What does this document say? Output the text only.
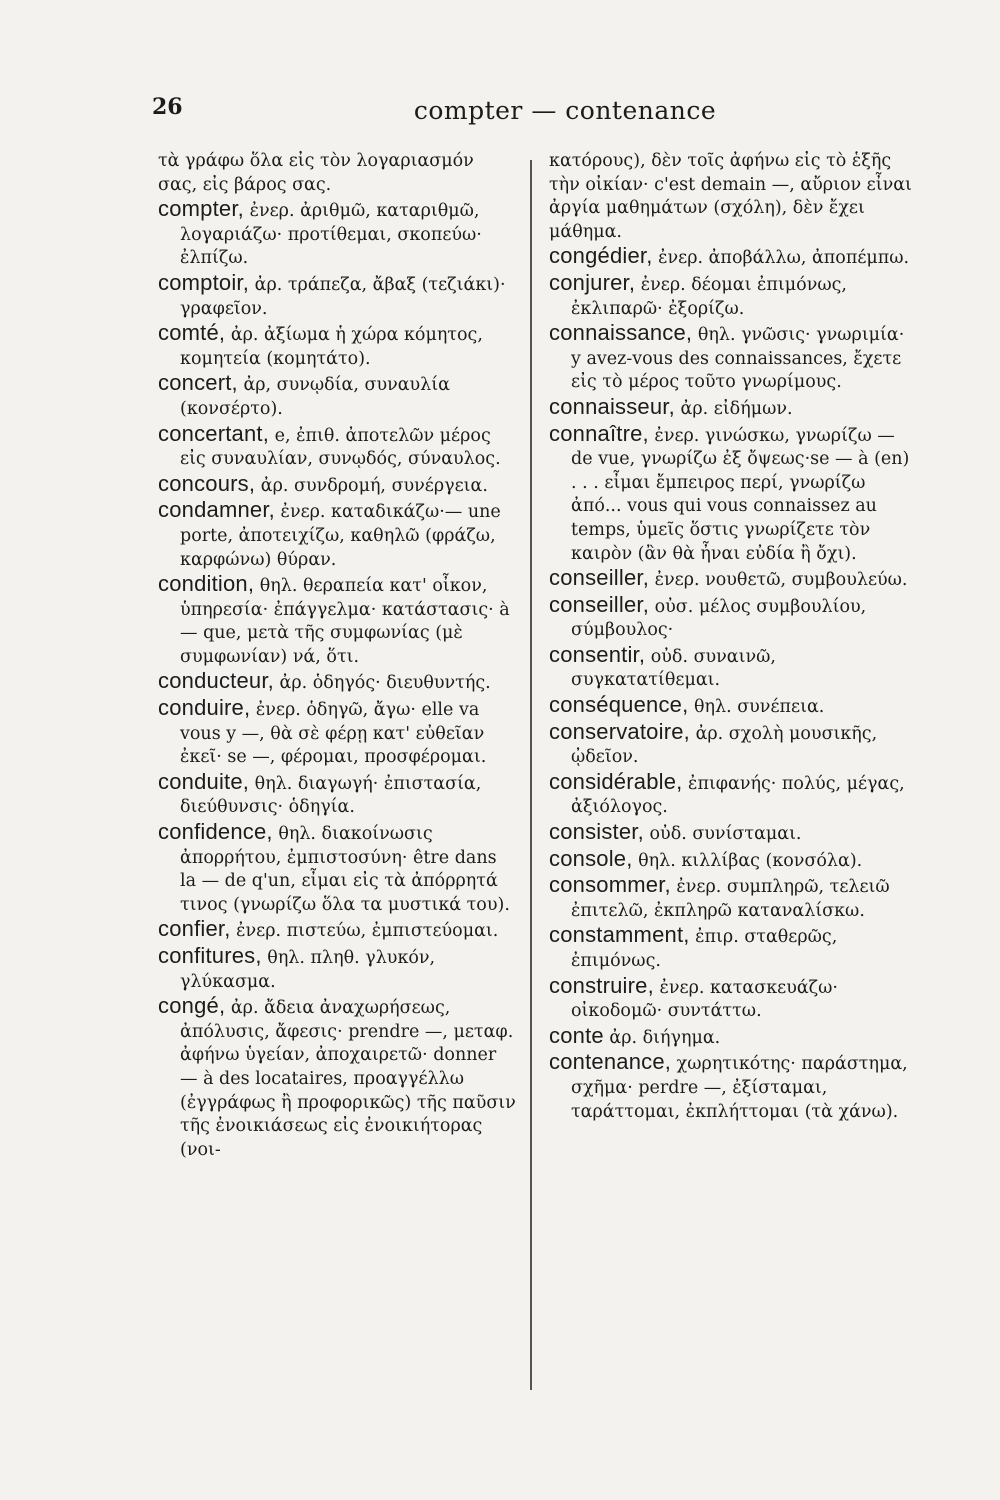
26	compter — contenance
τὰ γράφω ὅλα εἰς τὸν λογαριασμόν σας, εἰς βάρος σας.
compter, ἐνερ. ἀριθμῶ, καταριθμῶ, λογαριάζω· προτίθεμαι, σκοπεύω· ἐλπίζω.
comptoir, ἀρ. τράπεζα, ἄβαξ (τεζιάκι)· γραφεῖον.
comté, ἀρ. ἀξίωμα ἡ χώρα κόμητος, κομητεία (κομητάτο).
concert, ἀρ, συνῳδία, συναυλία (κονσέρτο).
concertant, e, ἐπιθ. ἀποτελῶν μέρος εἰς συναυλίαν, συνῳδός, σύναυλος.
concours, ἀρ. συνδρομή, συνέργεια.
condamner, ἐνερ. καταδικάζω·— une porte, ἀποτειχίζω, καθηλῶ (φράζω, καρφώνω) θύραν.
condition, θηλ. θεραπεία κατ' οἶκον, ὑπηρεσία· ἐπάγγελμα· κατάστασις· à — que, μετὰ τῆς συμφωνίας (μὲ συμφωνίαν) νά, ὅτι.
conducteur, ἀρ. ὁδηγός· διευθυντής.
conduire, ἐνερ. ὁδηγῶ, ἄγω· elle va vous y —, θὰ σὲ φέρῃ κατ' εὐθεῖαν ἐκεῖ· se —, φέρομαι, προσφέρομαι.
conduite, θηλ. διαγωγή· ἐπιστασία, διεύθυνσις· ὁδηγία.
confidence, θηλ. διακοίνωσις ἀπορρήτου, ἐμπιστοσύνη· être dans la — de q'un, εἶμαι εἰς τὰ ἀπόρρητά τινος (γνωρίζω ὅλα τα μυστικά του).
confier, ἐνερ. πιστεύω, ἐμπιστεύομαι.
confitures, θηλ. πληθ. γλυκόν, γλύκασμα.
congé, ἀρ. ἄδεια ἀναχωρήσεως, ἀπόλυσις, ἄφεσις· prendre —, μεταφ. ἀφήνω ὑγείαν, ἀποχαιρετῶ· donner — à des locataires, προαγγέλλω (ἐγγράφως ἢ προφορικῶς) τῆς παῦσιν τῆς ἐνοικιάσεως εἰς ἐνοικιήτορας (νοι-
κατόρους), δὲν τοῖς ἀφήνω εἰς τὸ ἑξῆς τὴν οἰκίαν· c'est demain —, αὔριον εἶναι ἀργία μαθημάτων (σχόλη), δὲν ἔχει μάθημα.
congédier, ἐνερ. ἀποβάλλω, ἀποπέμπω.
conjurer, ἐνερ. δέομαι ἐπιμόνως, ἐκλιπαρῶ· ἐξορίζω.
connaissance, θηλ. γνῶσις· γνωριμία· y avez-vous des connaissances, ἔχετε εἰς τὸ μέρος τοῦτο γνωρίμους.
connaisseur, ἀρ. εἰδήμων.
connaître, ἐνερ. γινώσκω, γνωρίζω — de vue, γνωρίζω ἐξ ὄψεως·se — à (en) . . . εἶμαι ἔμπειρος περί, γνωρίζω ἀπό... vous qui vous connaissez au temps, ὑμεῖς ὅστις γνωρίζετε τὸν καιρὸν (ἂν θὰ ἦναι εὐδία ἢ ὄχι).
conseiller, ἐνερ. νουθετῶ, συμβουλεύω.
conseiller, οὐσ. μέλος συμβουλίου, σύμβουλος·
consentir, οὐδ. συναινῶ, συγκατατίθεμαι.
conséquence, θηλ. συνέπεια.
conservatoire, ἀρ. σχολὴ μουσικῆς, ᾠδεῖον.
considérable, ἐπιφανής· πολύς, μέγας, ἀξιόλογος.
consister, οὐδ. συνίσταμαι.
console, θηλ. κιλλίβας (κονσόλα).
consommer, ἐνερ. συμπληρῶ, τελειῶ ἐπιτελῶ, ἐκπληρῶ καταναλίσκω.
constamment, ἐπιρ. σταθερῶς, ἐπιμόνως.
construire, ἐνερ. κατασκευάζω· οἰκοδομῶ· συντάττω.
conte ἀρ. διήγημα.
contenance, χωρητικότης· παράστημα, σχῆμα· perdre —, ἐξίσταμαι, ταράττομαι, ἐκπλήττομαι (τὰ χάνω).
